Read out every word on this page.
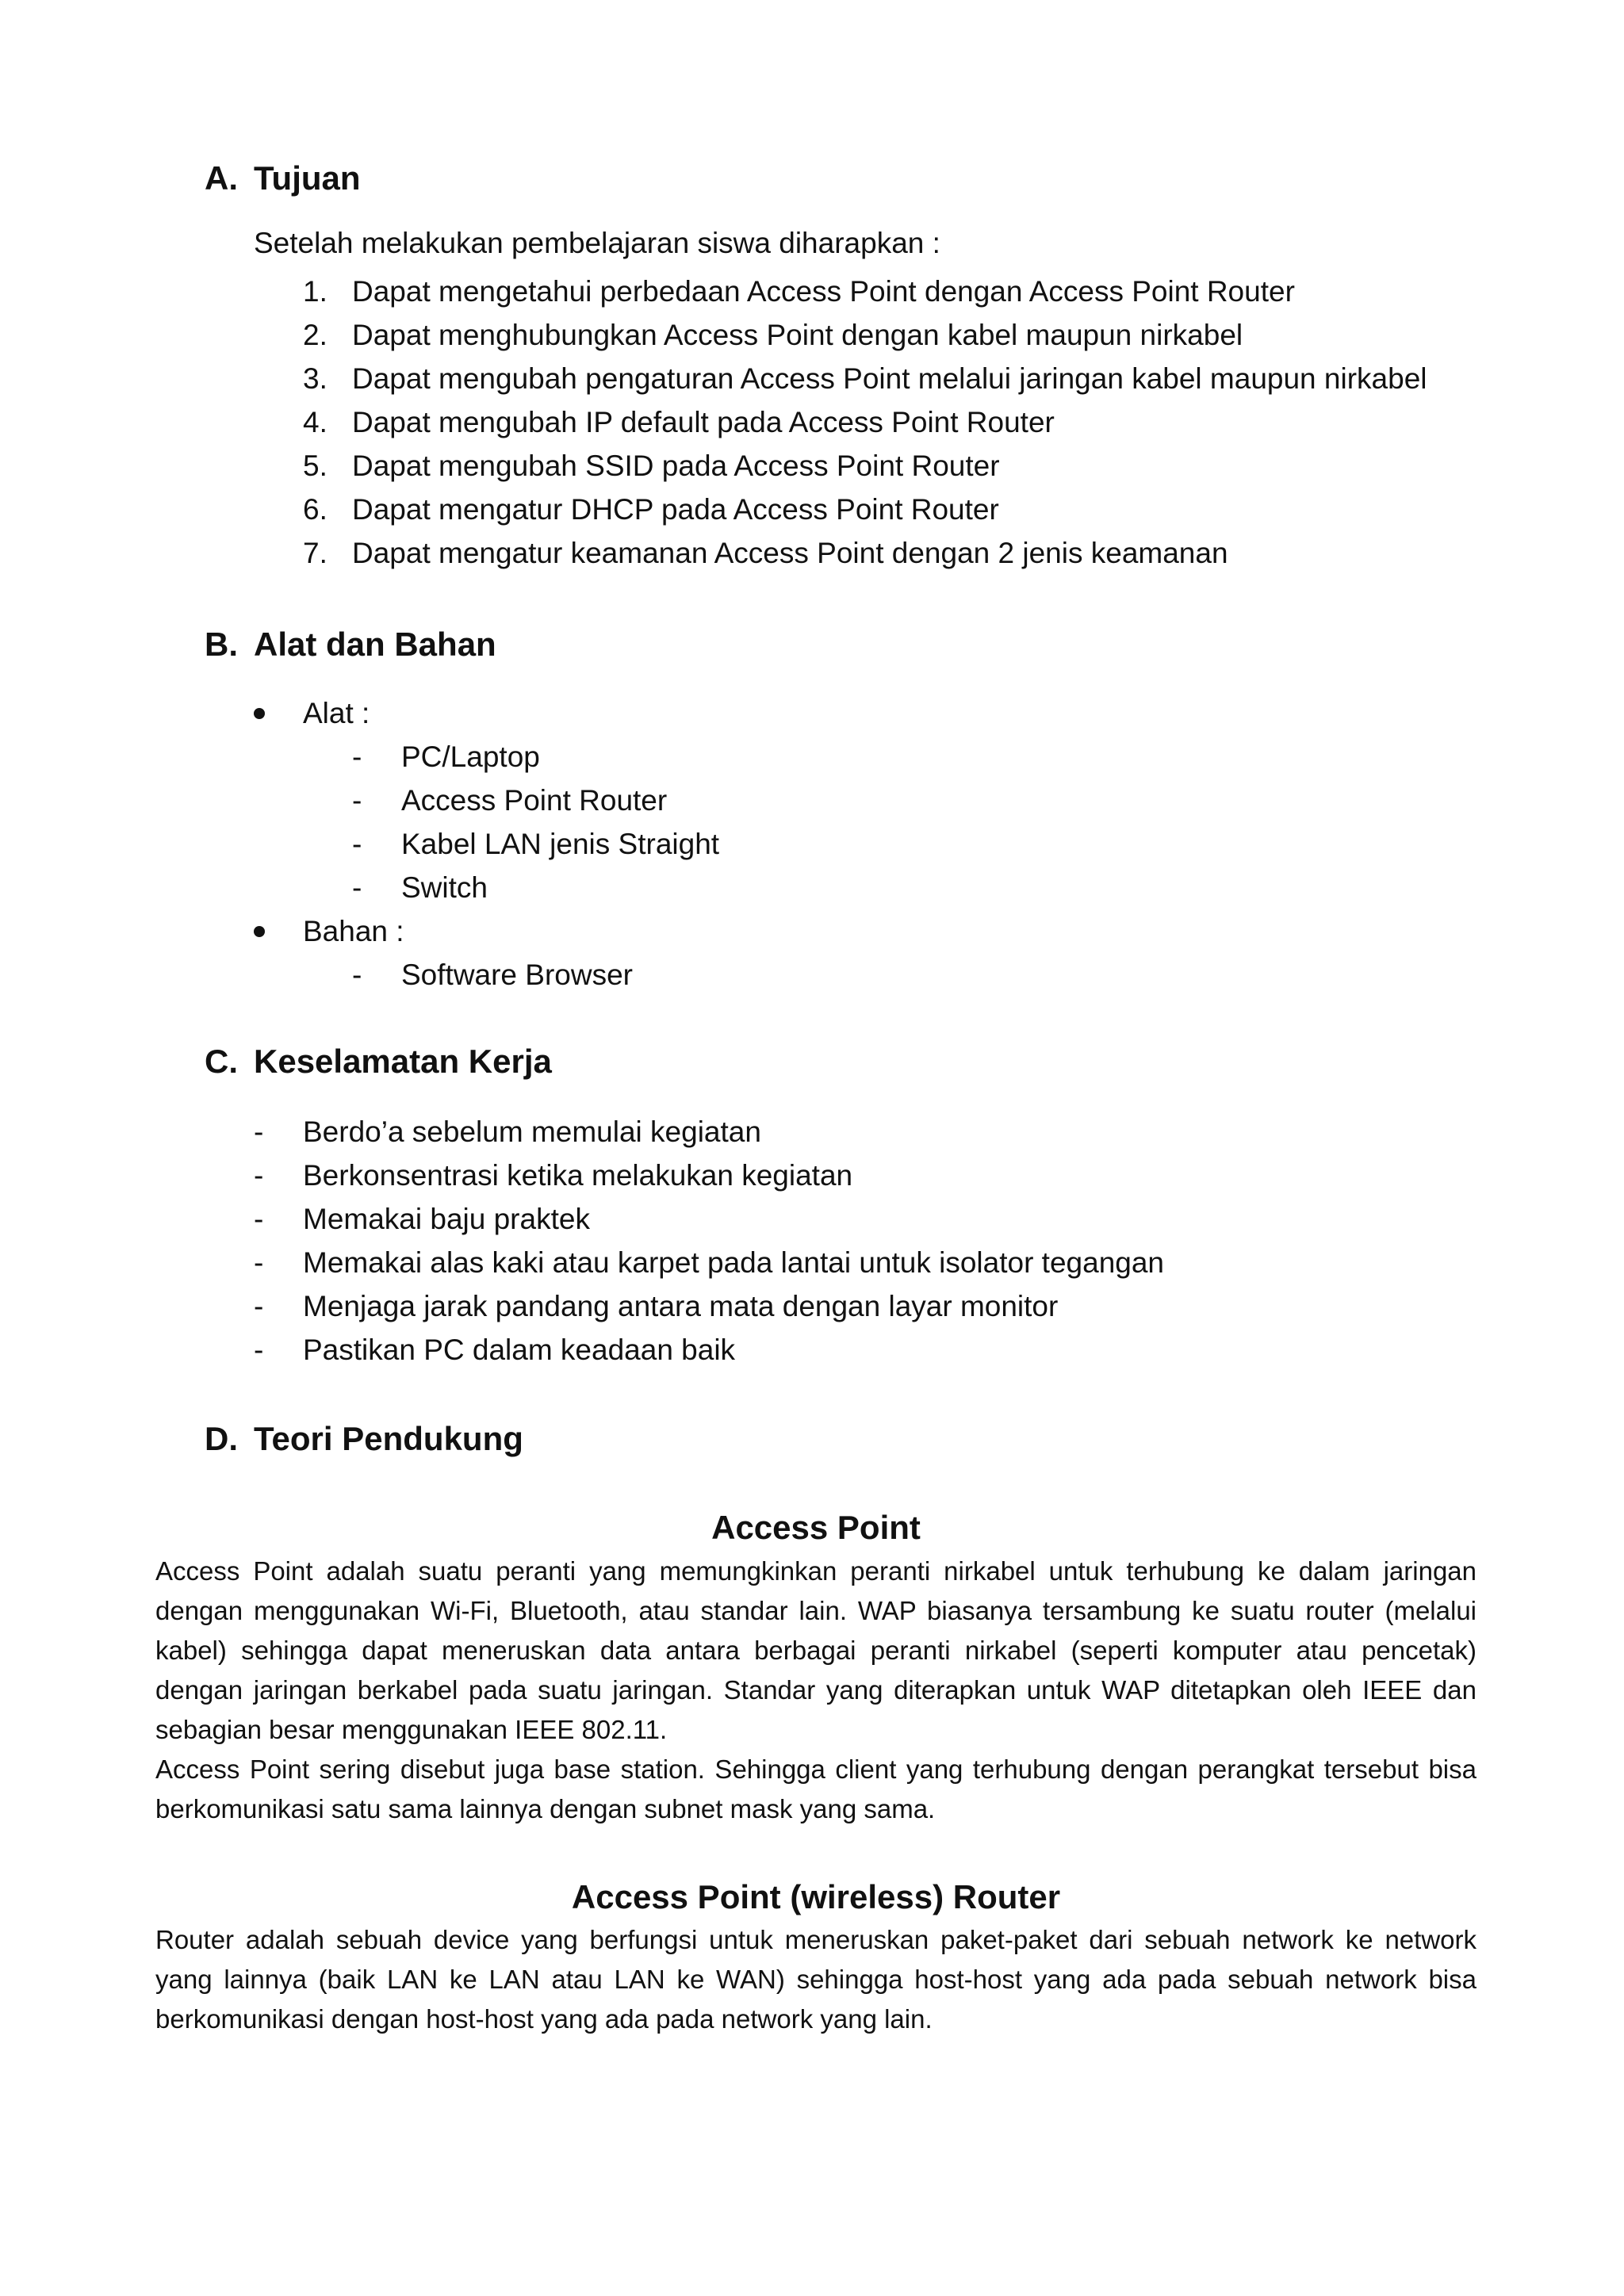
A. Tujuan

Setelah melakukan pembelajaran siswa diharapkan :

1. Dapat mengetahui perbedaan Access Point dengan Access Point Router
2. Dapat menghubungkan Access Point dengan kabel maupun nirkabel
3. Dapat mengubah pengaturan Access Point melalui jaringan kabel maupun nirkabel
4. Dapat mengubah IP default pada Access Point Router
5. Dapat mengubah SSID pada Access Point Router
6. Dapat mengatur DHCP pada Access Point Router
7. Dapat mengatur keamanan Access Point dengan 2 jenis keamanan
B. Alat dan Bahan
Alat :
-	PC/Laptop
-	Access Point Router
-	Kabel LAN jenis Straight
-	Switch
Bahan :
-	Software Browser
C. Keselamatan Kerja
-	Berdo’a sebelum memulai kegiatan
-	Berkonsentrasi ketika melakukan kegiatan
-	Memakai baju praktek
-	Memakai alas kaki atau karpet pada lantai untuk isolator tegangan
-	Menjaga jarak pandang antara mata dengan layar monitor
-	Pastikan PC dalam keadaan baik
D. Teori Pendukung
Access Point

Access Point adalah suatu peranti yang memungkinkan peranti nirkabel untuk terhubung ke dalam jaringan dengan menggunakan Wi-Fi, Bluetooth, atau standar lain. WAP biasanya tersambung ke suatu router (melalui kabel) sehingga dapat meneruskan data antara berbagai peranti nirkabel (seperti komputer atau pencetak) dengan jaringan berkabel pada suatu jaringan. Standar yang diterapkan untuk WAP ditetapkan oleh IEEE dan sebagian besar menggunakan IEEE 802.11.

Access Point sering disebut juga base station. Sehingga client yang terhubung dengan perangkat tersebut bisa berkomunikasi satu sama lainnya dengan subnet mask yang sama.

Access Point (wireless) Router

Router adalah sebuah device yang berfungsi untuk meneruskan paket-paket dari sebuah network ke network yang lainnya (baik LAN ke LAN atau LAN ke WAN) sehingga host-host yang ada pada sebuah network bisa berkomunikasi dengan host-host yang ada pada network yang lain.
